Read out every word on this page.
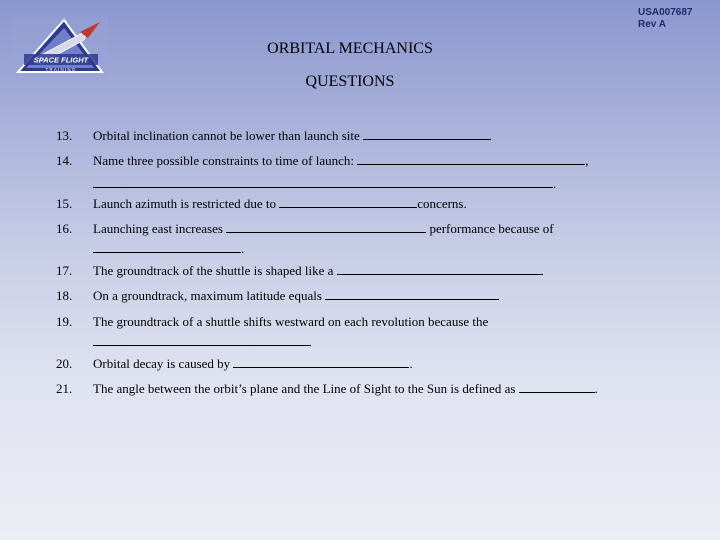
USA007687
Rev A
SPACE FLIGHT
TRAINING
ORBITAL MECHANICS
QUESTIONS
13.	Orbital inclination cannot be lower than launch site
14.	Name three possible constraints to time of launch:	,
.
15.	Launch azimuth is restricted due to	concerns.
16.	Launching east increases	performance because of
.
17.	The groundtrack of the shuttle is shaped like a
18.	On a groundtrack, maximum latitude equals
19.	The groundtrack of a shuttle shifts westward on each revolution because the
20.	Orbital decay is caused by	.
21.	The angle between the orbit’s plane and the Line of Sight to the Sun is defined as	.
